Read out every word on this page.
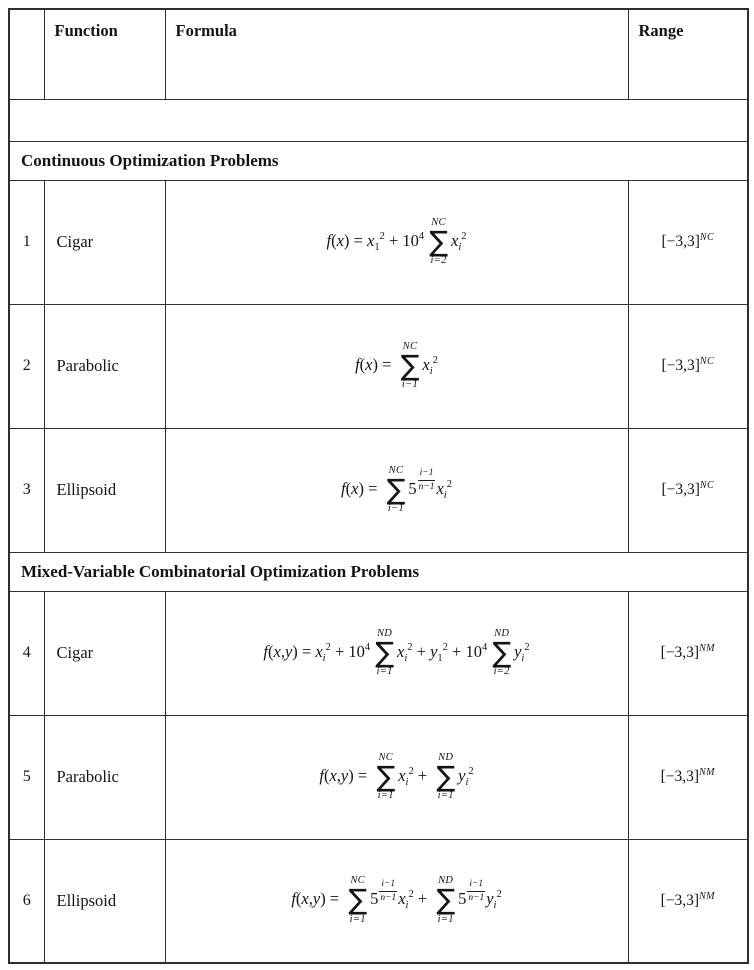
	Function	Formula	Range

Continuous Optimization Problems			
1	Cigar	$f(x) = x_1^2 + 10^4$
NC
∑
i=2
$x_i^2$	$[-3,3]^{NC}$
2	Parabolic	f(x) =
NC
∑
i−1
$x_i^2$	$[-3,3]^{NC}$
3	Ellipsoid	f(x) =
NC
∑
i−1
$5 \frac{i-1}{n-1} x_i^2$	$[-3,3]^{NC}$
Mixed-Variable Combinatorial Optimization Problems			
4	Cigar	$f(x,y) = x_i^2 + 10^4$
ND
∑
i=1
$x_i^2 + y_1^2 + 10^4$
ND
∑
i=2
$y_i^2$	$[-3,3]^{NM}$
5	Parabolic	f(x,y) =
NC
∑
i=1
$x_i^2$ +
ND
∑
i=1
$y_i^2$	$[-3,3]^{NM}$
6	Ellipsoid	f(x,y) =
NC
∑
i=1
$5 \frac{i-1}{n-1} x_i^2$ +
ND
∑
i=1
$5 \frac{i-1}{n-1} y_i^2$	$[-3,3]^{NM}$
